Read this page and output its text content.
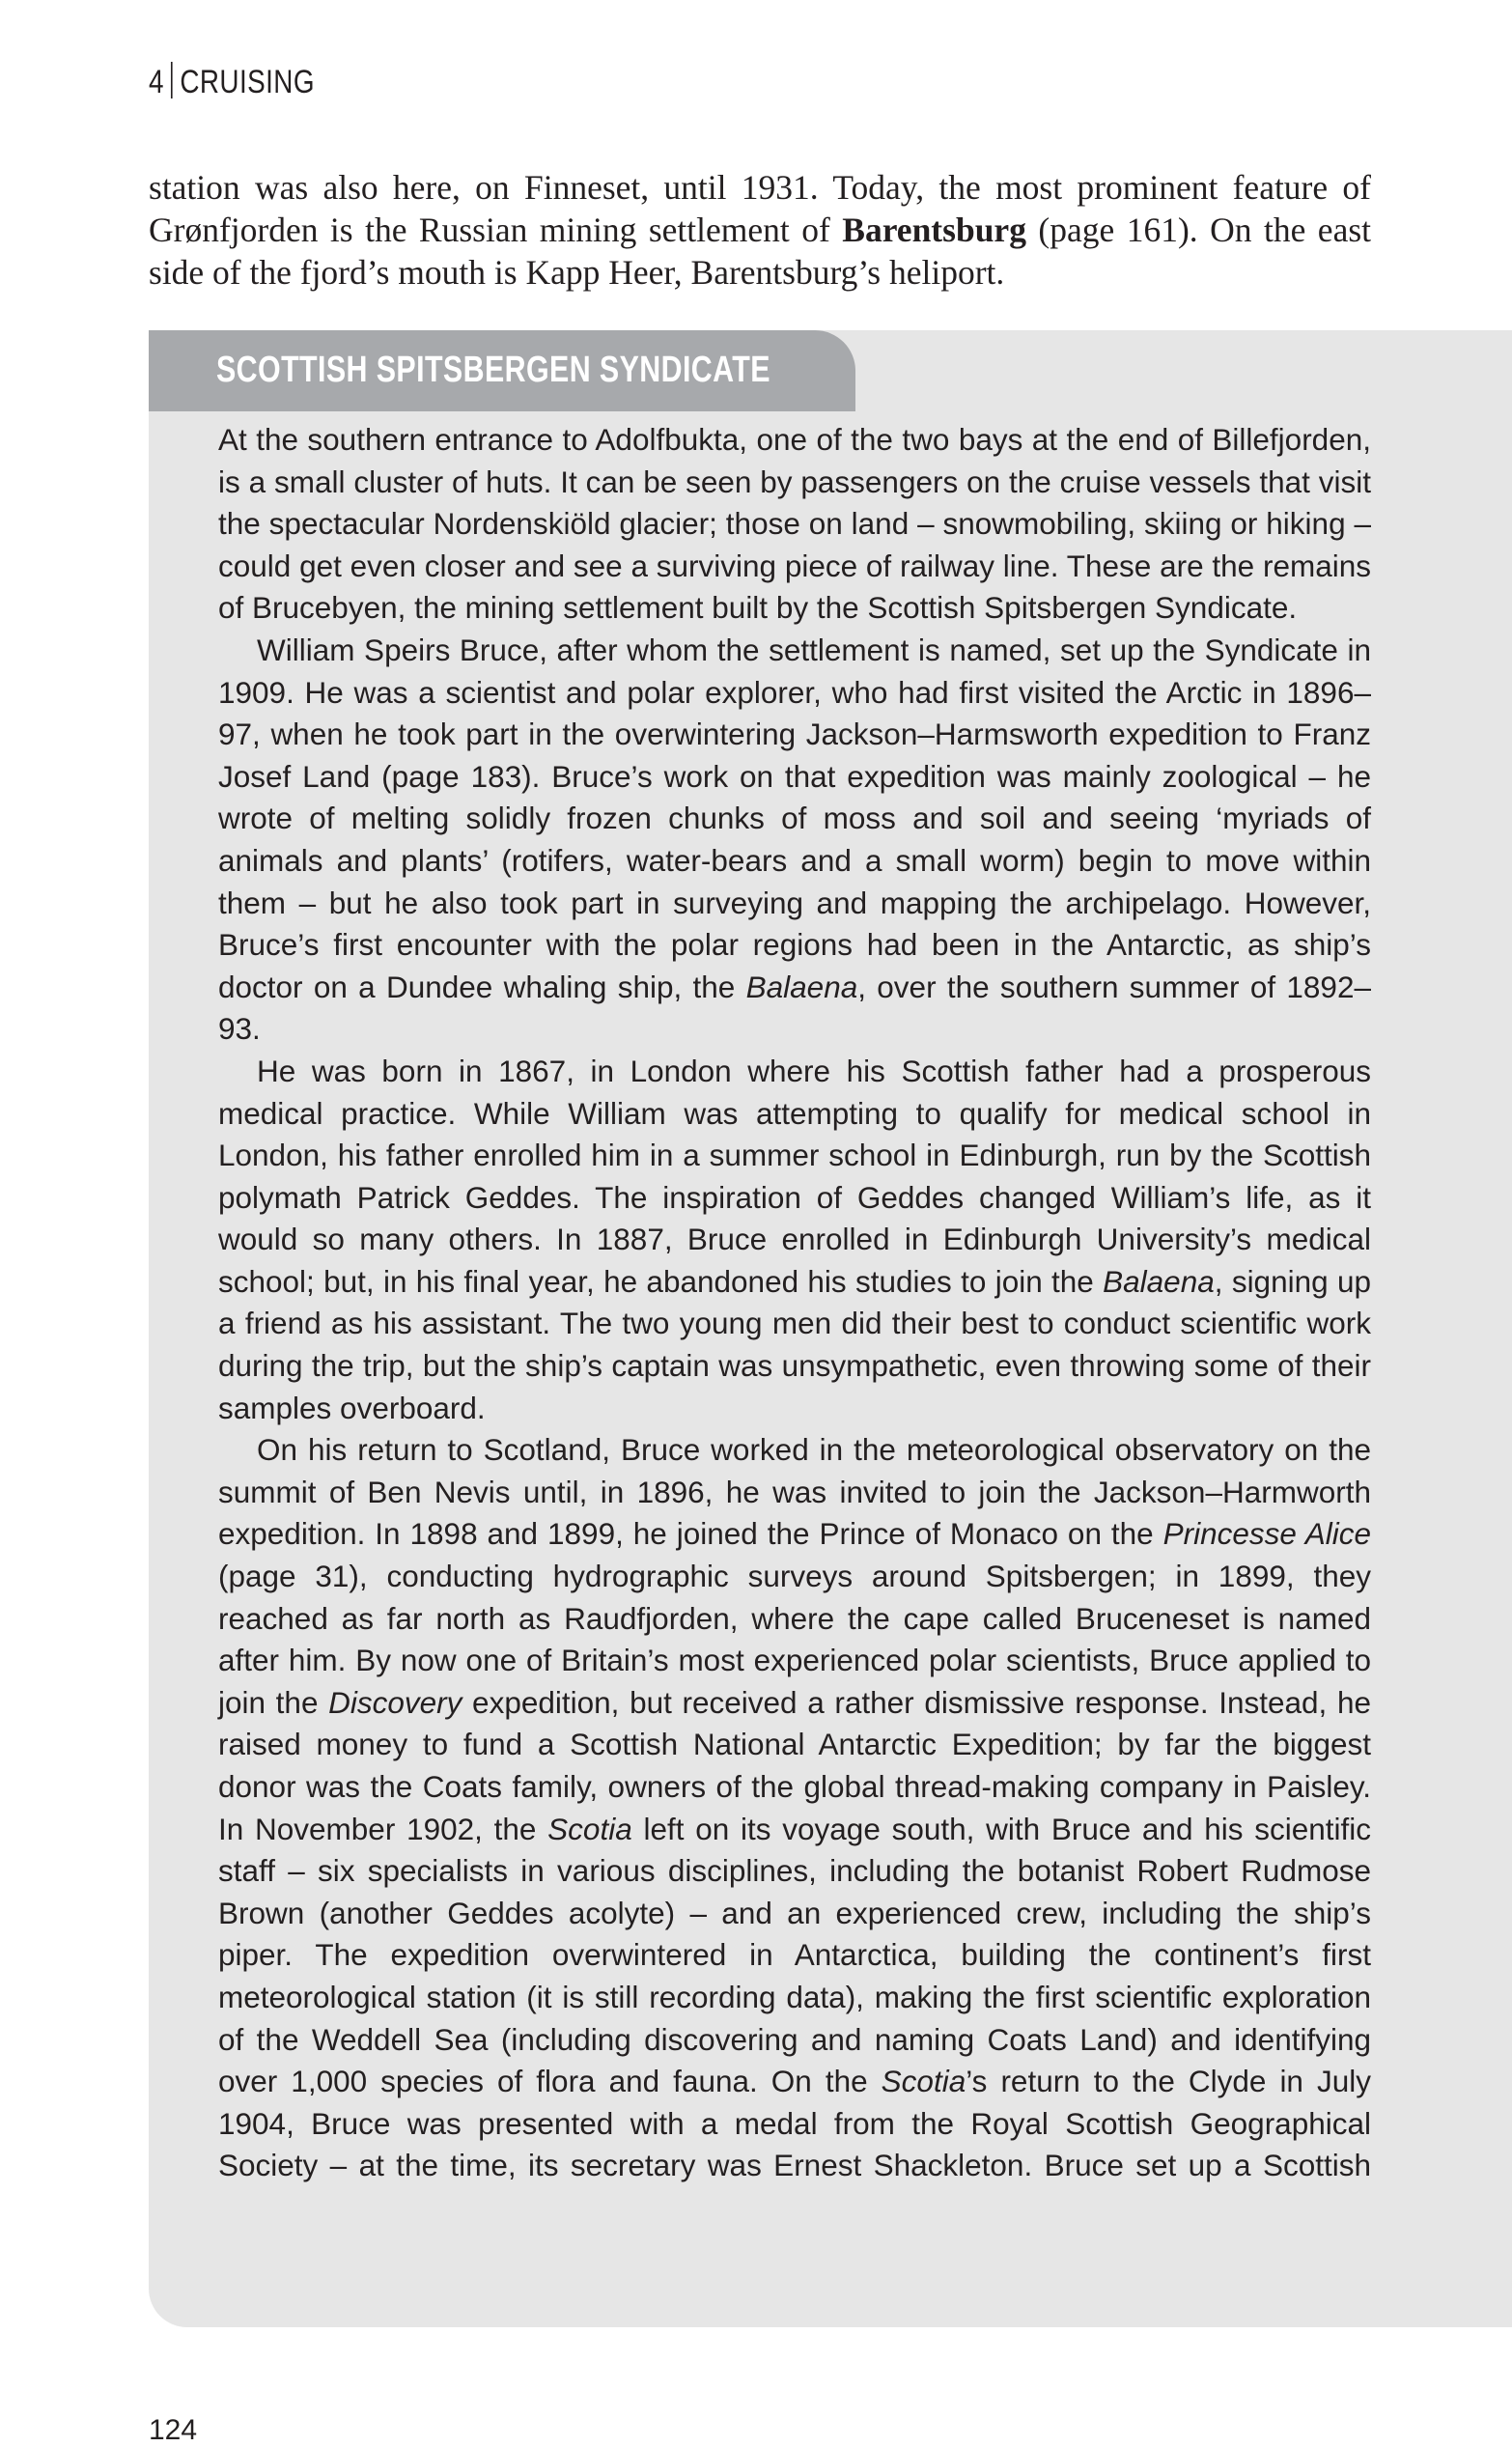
4 CRUISING
station was also here, on Finneset, until 1931. Today, the most prominent feature of Grønfjorden is the Russian mining settlement of Barentsburg (page 161). On the east side of the fjord’s mouth is Kapp Heer, Barentsburg’s heliport.
SCOTTISH SPITSBERGEN SYNDICATE

At the southern entrance to Adolfbukta, one of the two bays at the end of Billefjorden, is a small cluster of huts. It can be seen by passengers on the cruise vessels that visit the spectacular Nordenskiöld glacier; those on land – snowmobiling, skiing or hiking – could get even closer and see a surviving piece of railway line. These are the remains of Brucebyen, the mining settlement built by the Scottish Spitsbergen Syndicate.

William Speirs Bruce, after whom the settlement is named, set up the Syndicate in 1909. He was a scientist and polar explorer, who had first visited the Arctic in 1896–97, when he took part in the overwintering Jackson–Harmsworth expedition to Franz Josef Land (page 183). Bruce’s work on that expedition was mainly zoological – he wrote of melting solidly frozen chunks of moss and soil and seeing ‘myriads of animals and plants’ (rotifers, water-bears and a small worm) begin to move within them – but he also took part in surveying and mapping the archipelago. However, Bruce’s first encounter with the polar regions had been in the Antarctic, as ship’s doctor on a Dundee whaling ship, the Balaena, over the southern summer of 1892–93.

He was born in 1867, in London where his Scottish father had a prosperous medical practice. While William was attempting to qualify for medical school in London, his father enrolled him in a summer school in Edinburgh, run by the Scottish polymath Patrick Geddes. The inspiration of Geddes changed William’s life, as it would so many others. In 1887, Bruce enrolled in Edinburgh University’s medical school; but, in his final year, he abandoned his studies to join the Balaena, signing up a friend as his assistant. The two young men did their best to conduct scientific work during the trip, but the ship’s captain was unsympathetic, even throwing some of their samples overboard.

On his return to Scotland, Bruce worked in the meteorological observatory on the summit of Ben Nevis until, in 1896, he was invited to join the Jackson–Harmworth expedition. In 1898 and 1899, he joined the Prince of Monaco on the Princesse Alice (page 31), conducting hydrographic surveys around Spitsbergen; in 1899, they reached as far north as Raudfjorden, where the cape called Bruceneset is named after him. By now one of Britain’s most experienced polar scientists, Bruce applied to join the Discovery expedition, but received a rather dismissive response. Instead, he raised money to fund a Scottish National Antarctic Expedition; by far the biggest donor was the Coats family, owners of the global thread-making company in Paisley. In November 1902, the Scotia left on its voyage south, with Bruce and his scientific staff – six specialists in various disciplines, including the botanist Robert Rudmose Brown (another Geddes acolyte) – and an experienced crew, including the ship’s piper. The expedition overwintered in Antarctica, building the continent’s first meteorological station (it is still recording data), making the first scientific exploration of the Weddell Sea (including discovering and naming Coats Land) and identifying over 1,000 species of flora and fauna. On the Scotia’s return to the Clyde in July 1904, Bruce was presented with a medal from the Royal Scottish Geographical Society – at the time, its secretary was Ernest Shackleton. Bruce set up a Scottish

124
